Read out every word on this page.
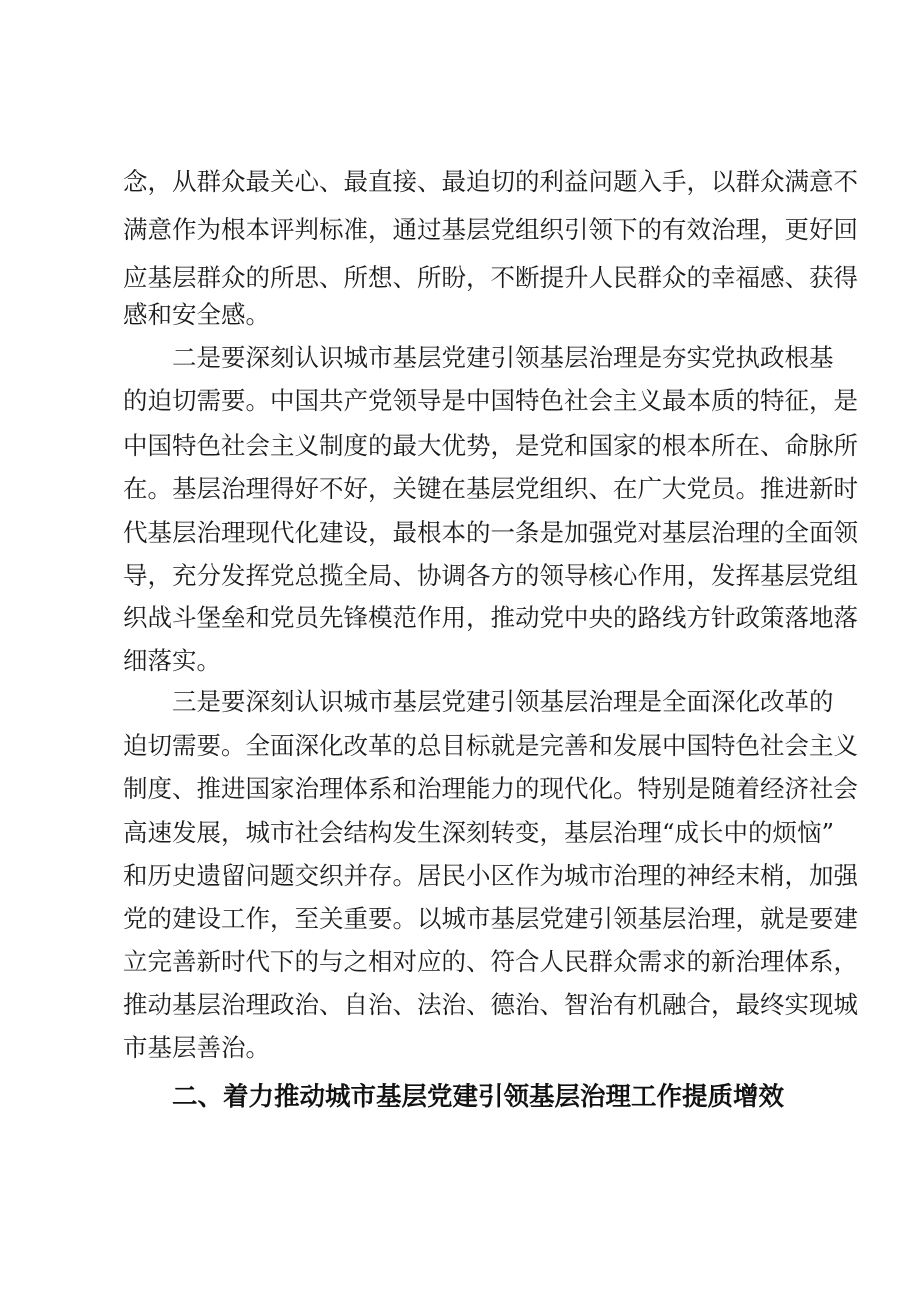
念，从群众最关心、最直接、最迫切的利益问题入手，以群众满意不
满意作为根本评判标准，通过基层党组织引领下的有效治理，更好回
应基层群众的所思、所想、所盼，不断提升人民群众的幸福感、获得
感和安全感。
二是要深刻认识城市基层党建引领基层治理是夯实党执政根基
的迫切需要。中国共产党领导是中国特色社会主义最本质的特征，是
中国特色社会主义制度的最大优势，是党和国家的根本所在、命脉所
在。基层治理得好不好，关键在基层党组织、在广大党员。推进新时
代基层治理现代化建设，最根本的一条是加强党对基层治理的全面领
导，充分发挥党总揽全局、协调各方的领导核心作用，发挥基层党组
织战斗堡垒和党员先锋模范作用，推动党中央的路线方针政策落地落
细落实。
三是要深刻认识城市基层党建引领基层治理是全面深化改革的
迫切需要。全面深化改革的总目标就是完善和发展中国特色社会主义
制度、推进国家治理体系和治理能力的现代化。特别是随着经济社会
高速发展，城市社会结构发生深刻转变，基层治理“成长中的烦恼”
和历史遗留问题交织并存。居民小区作为城市治理的神经末梢，加强
党的建设工作，至关重要。以城市基层党建引领基层治理，就是要建
立完善新时代下的与之相对应的、符合人民群众需求的新治理体系，
推动基层治理政治、自治、法治、德治、智治有机融合，最终实现城
市基层善治。
二、着力推动城市基层党建引领基层治理工作提质增效
